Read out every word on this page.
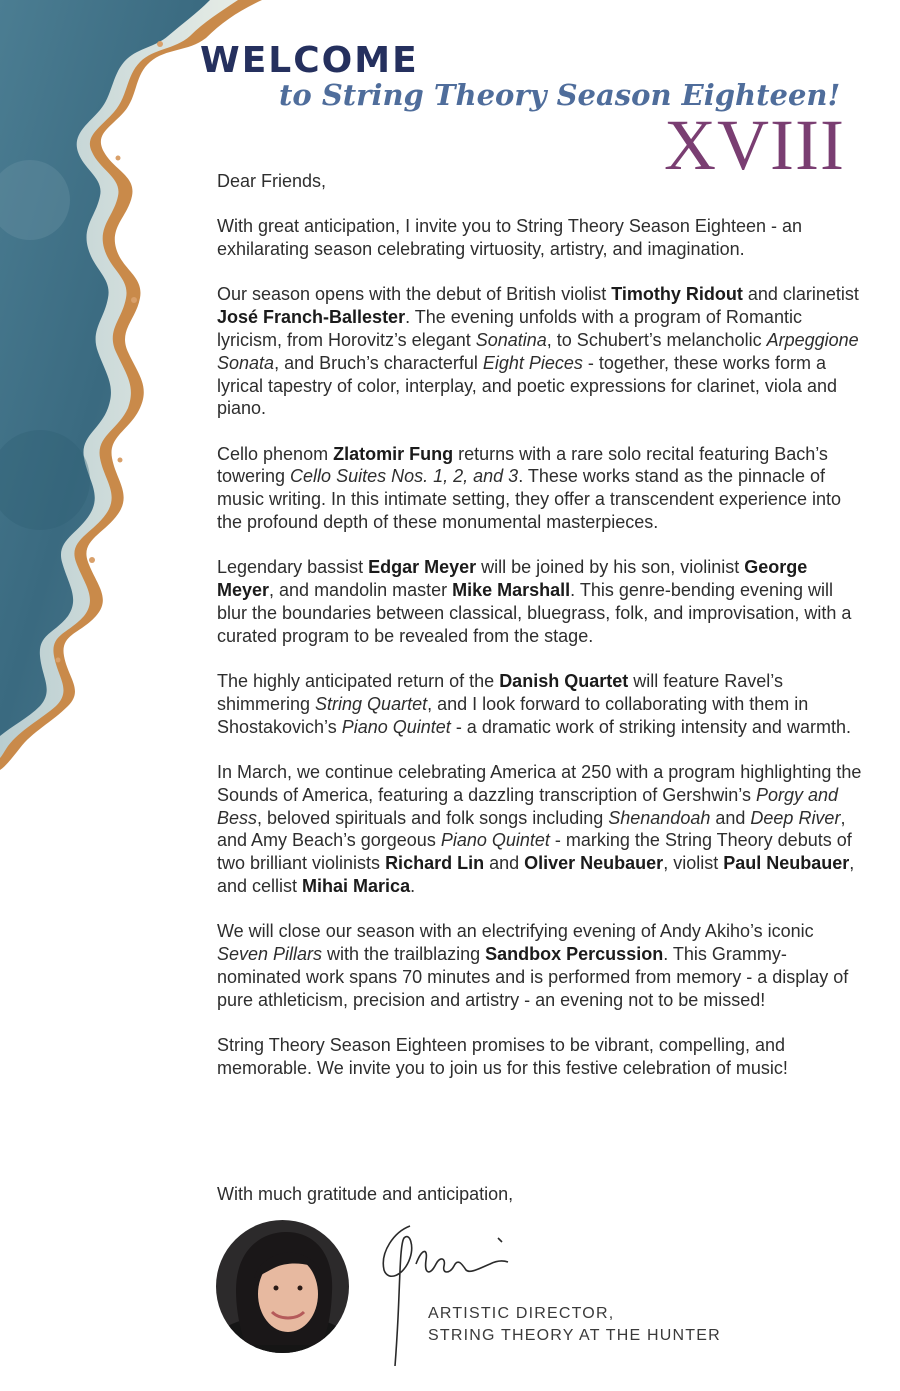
WELCOME
to String Theory Season Eighteen!
XVIII

Dear Friends,

With great anticipation, I invite you to String Theory Season Eighteen - an exhilarating season celebrating virtuosity, artistry, and imagination.

Our season opens with the debut of British violist Timothy Ridout and clarinetist José Franch-Ballester. The evening unfolds with a program of Romantic lyricism, from Horovitz’s elegant Sonatina, to Schubert’s melancholic Arpeggione Sonata, and Bruch’s characterful Eight Pieces - together, these works form a lyrical tapestry of color, interplay, and poetic expressions for clarinet, viola and piano.

Cello phenom Zlatomir Fung returns with a rare solo recital featuring Bach’s towering Cello Suites Nos. 1, 2, and 3. These works stand as the pinnacle of music writing. In this intimate setting, they offer a transcendent experience into the profound depth of these monumental masterpieces.

Legendary bassist Edgar Meyer will be joined by his son, violinist George Meyer, and mandolin master Mike Marshall. This genre-bending evening will blur the boundaries between classical, bluegrass, folk, and improvisation, with a curated program to be revealed from the stage.

The highly anticipated return of the Danish Quartet will feature Ravel’s shimmering String Quartet, and I look forward to collaborating with them in Shostakovich’s Piano Quintet - a dramatic work of striking intensity and warmth.

In March, we continue celebrating America at 250 with a program highlighting the Sounds of America, featuring a dazzling transcription of Gershwin’s Porgy and Bess, beloved spirituals and folk songs including Shenandoah and Deep River, and Amy Beach’s gorgeous Piano Quintet - marking the String Theory debuts of two brilliant violinists Richard Lin and Oliver Neubauer, violist Paul Neubauer, and cellist Mihai Marica.

We will close our season with an electrifying evening of Andy Akiho’s iconic Seven Pillars with the trailblazing Sandbox Percussion. This Grammy-nominated work spans 70 minutes and is performed from memory - a display of pure athleticism, precision and artistry - an evening not to be missed!

String Theory Season Eighteen promises to be vibrant, compelling, and memorable. We invite you to join us for this festive celebration of music!

With much gratitude and anticipation,
ARTISTIC DIRECTOR,
STRING THEORY AT THE HUNTER
